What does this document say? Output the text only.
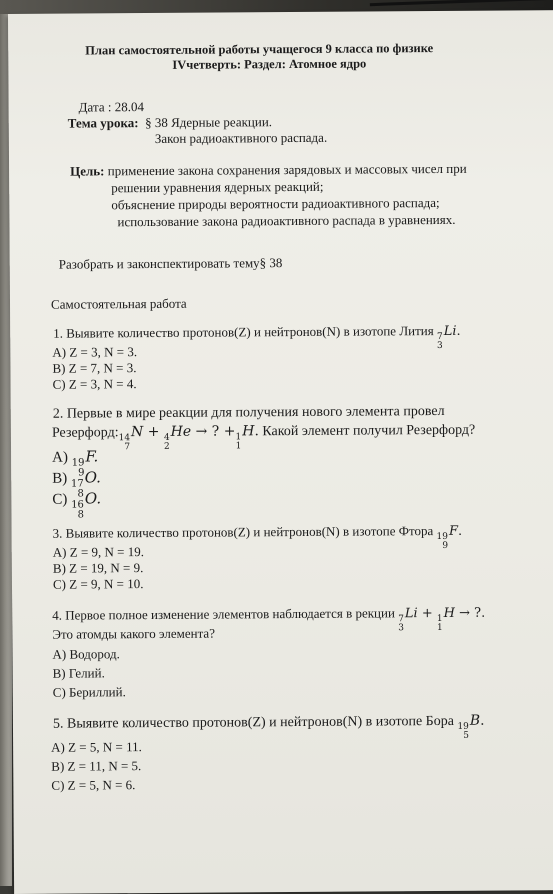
План самостоятельной работы учащегося 9 класса по физике
IVчетверть: Раздел: Атомное ядро
Дата : 28.04
Тема урока: § 38 Ядерные реакции.
Закон радиоактивного распада.
Цель: применение закона сохранения зарядовых и массовых чисел при
решении уравнения ядерных реакций;
объяснение природы вероятности радиоактивного распада;
использование закона радиоактивного распада в уравнениях.
Разобрать и законспектировать тему§ 38
Самостоятельная работа
1. Выявите количество протонов(Z) и нейтронов(N) в изотопе Лития 7
3
Li.
A) Z = 3, N = 3.
B) Z = 7, N = 3.
C) Z = 3, N = 4.
2. Первые в мире реакции для получения нового элемента провел
Резерфорд: 14
7
N + 4
2
He → ? + 1
1
H. Какой элемент получил Резерфорд?
A) 19
9
F.
B) 17
8
O.
C) 16
8
O.
3. Выявите количество протонов(Z) и нейтронов(N) в изотопе Фтора 19
9
F.
A) Z = 9, N = 19.
B) Z = 19, N = 9.
C) Z = 9, N = 10.
4. Первое полное изменение элементов наблюдается в рекции 7
3
Li + 1
1
H → ?.
Это атомды какого элемента?
A) Водород.
B) Гелий.
C) Бериллий.
5. Выявите количество протонов(Z) и нейтронов(N) в изотопе Бора 19
5
B.
A) Z = 5, N = 11.
B) Z = 11, N = 5.
C) Z = 5, N = 6.
